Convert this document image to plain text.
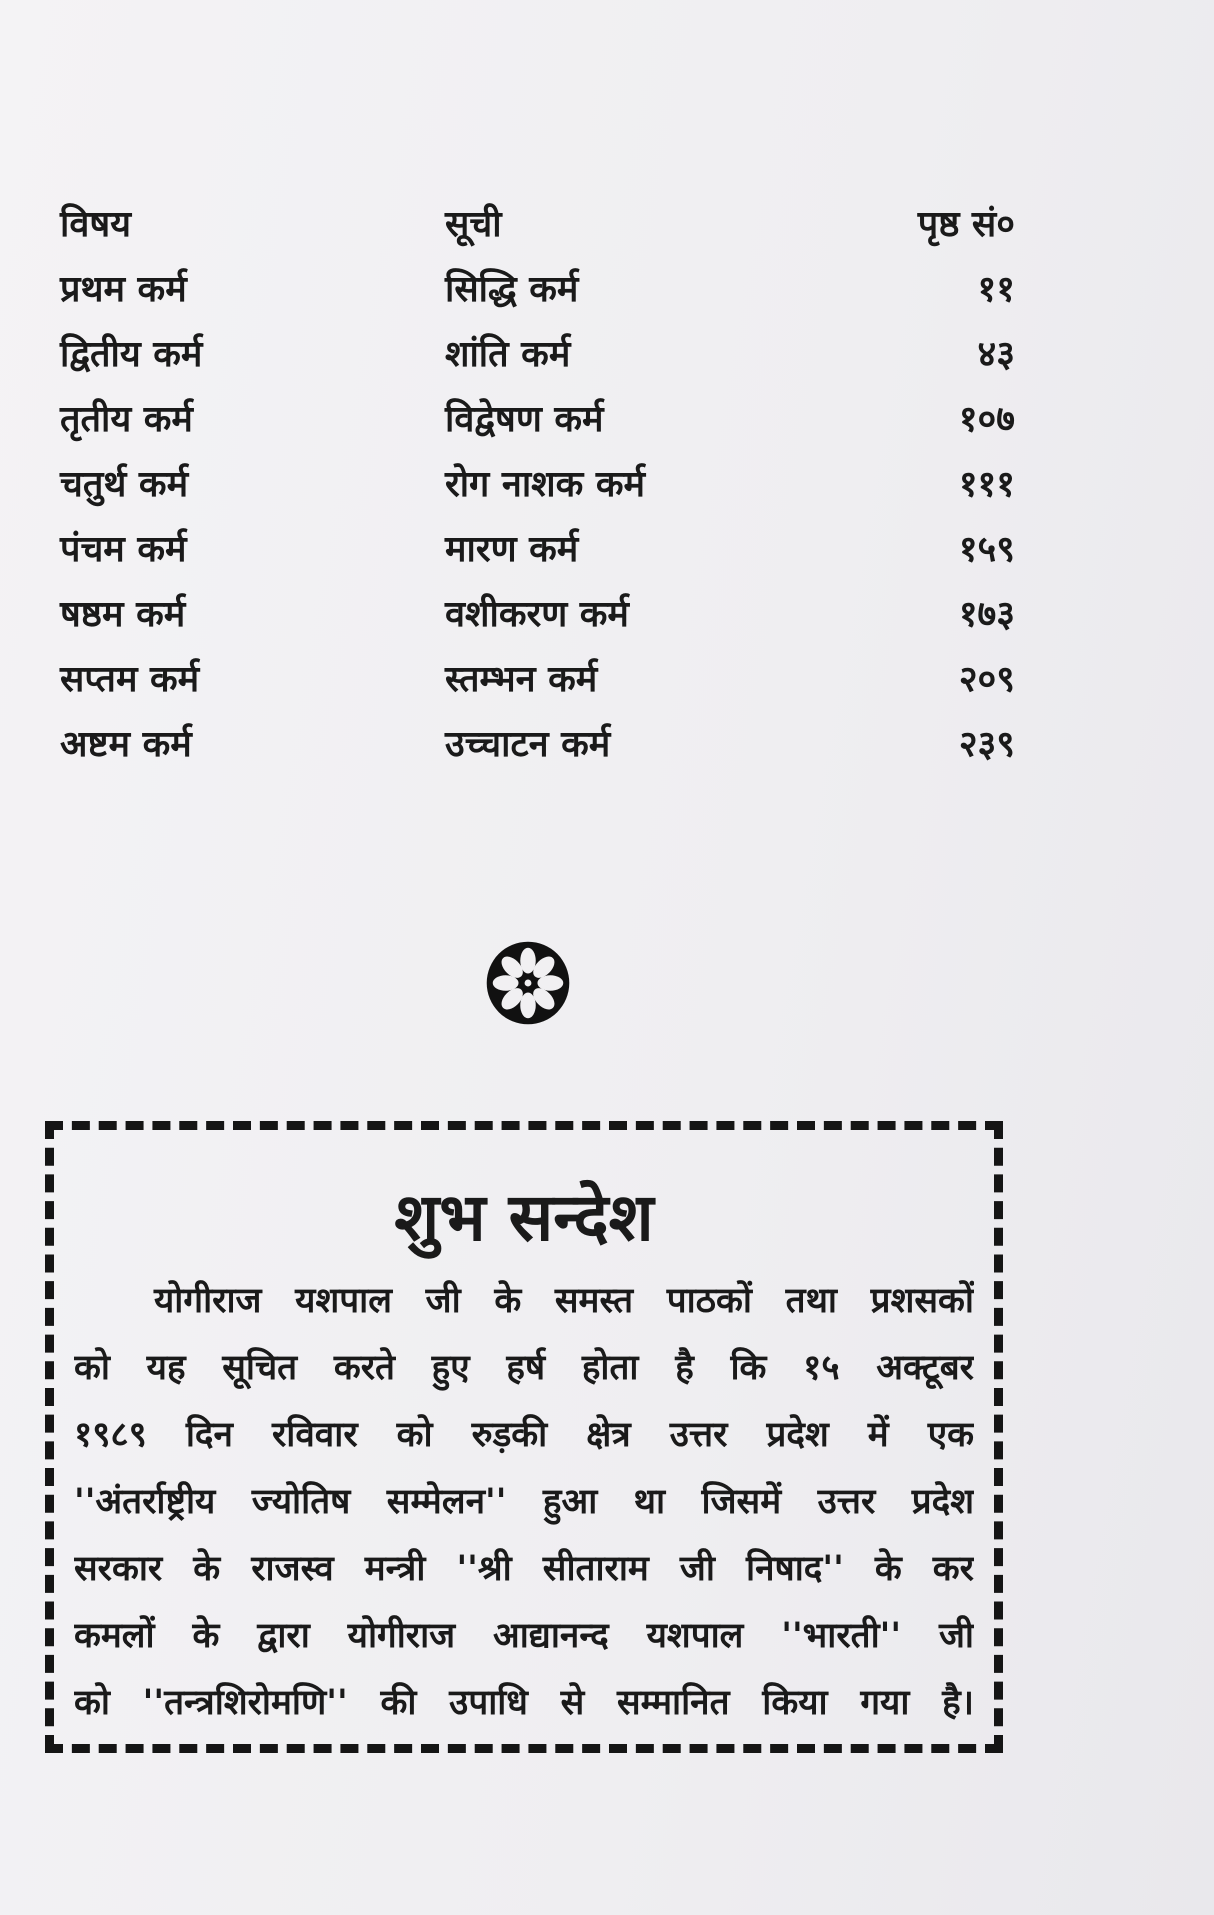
विषय	सूची	पृष्ठ सं०
प्रथम कर्म	सिद्धि कर्म	११
द्वितीय कर्म	शांति कर्म	४३
तृतीय कर्म	विद्वेषण कर्म	१०७
चतुर्थ कर्म	रोग नाशक कर्म	१११
पंचम कर्म	मारण कर्म	१५९
षष्ठम कर्म	वशीकरण कर्म	१७३
सप्तम कर्म	स्तम्भन कर्म	२०९
अष्टम कर्म	उच्चाटन कर्म	२३९
शुभ सन्देश
योगीराज यशपाल जी के समस्त पाठकों तथा प्रशसकों
को यह सूचित करते हुए हर्ष होता है कि १५ अक्टूबर
१९८९ दिन रविवार को रुड़की क्षेत्र उत्तर प्रदेश में एक
''अंतर्राष्ट्रीय ज्योतिष सम्मेलन'' हुआ था जिसमें उत्तर प्रदेश
सरकार के राजस्व मन्त्री ''श्री सीताराम जी निषाद'' के कर
कमलों के द्वारा योगीराज आद्यानन्द यशपाल ''भारती'' जी
को ''तन्त्रशिरोमणि'' की उपाधि से सम्मानित किया गया है।
